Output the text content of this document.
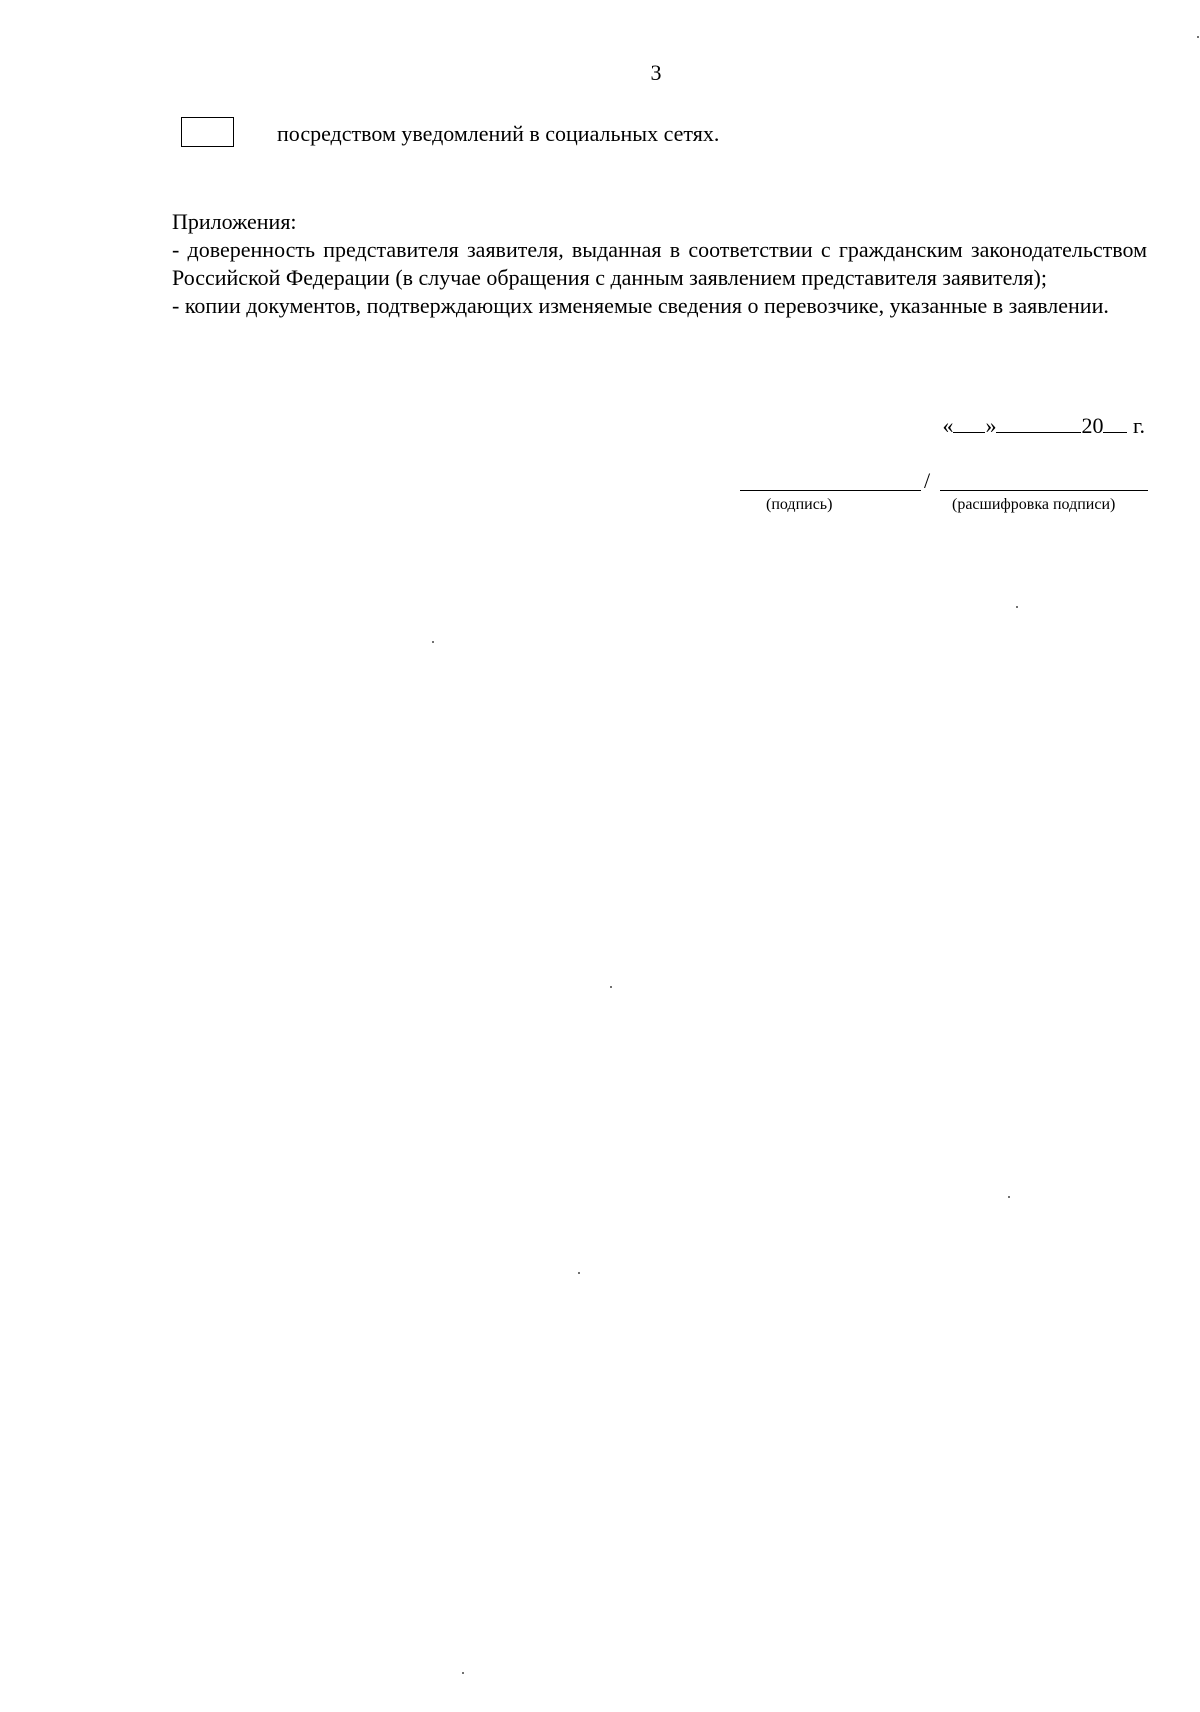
3
посредством уведомлений в социальных сетях.
Приложения:

- доверенность представителя заявителя, выданная в соответствии с гражданским законодательством Российской Федерации (в случае обращения с данным заявлением представителя заявителя);

- копии документов, подтверждающих изменяемые сведения о перевозчике, указанные в заявлении.

« »	20 г.
/
(подпись)	(расшифровка подписи)
